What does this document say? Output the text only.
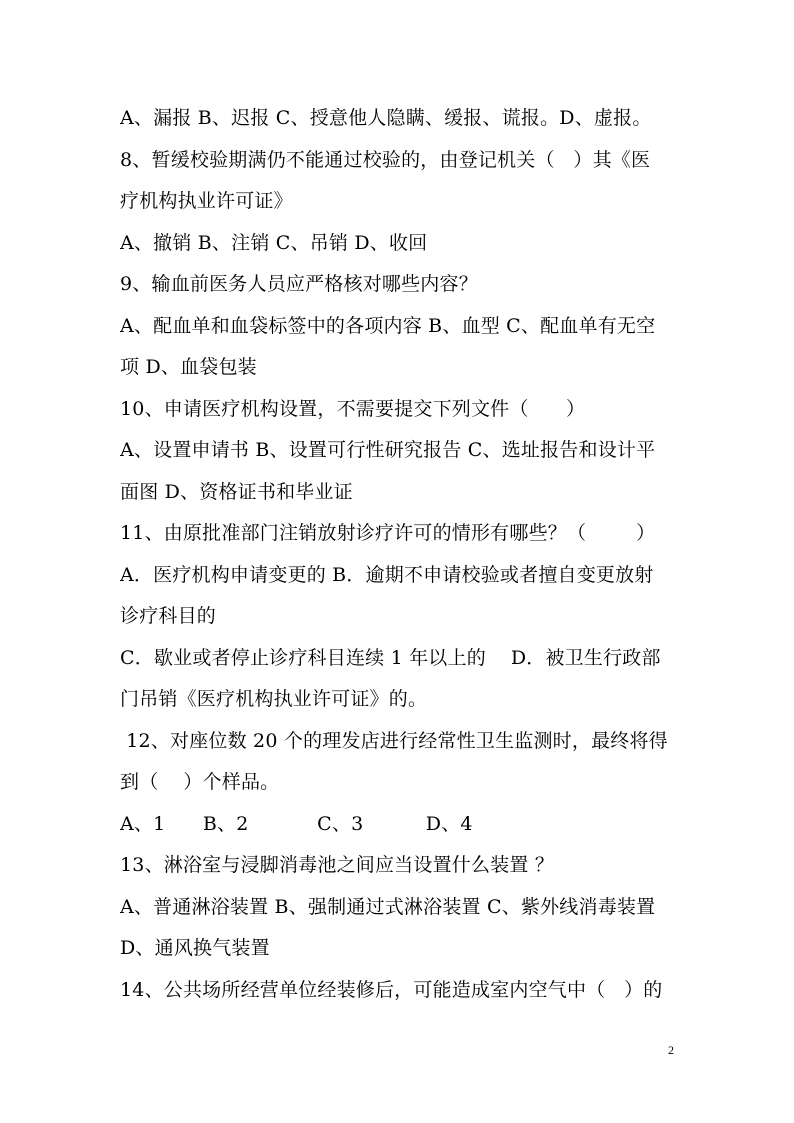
A、漏报 B、迟报 C、授意他人隐瞒、缓报、谎报。D、虚报。
8、暂缓校验期满仍不能通过校验的，由登记机关（   ）其《医
疗机构执业许可证》
A、撤销 B、注销 C、吊销 D、收回
9、输血前医务人员应严格核对哪些内容？
A、配血单和血袋标签中的各项内容 B、血型 C、配血单有无空
项 D、血袋包装
10、申请医疗机构设置，不需要提交下列文件（      ）
A、设置申请书 B、设置可行性研究报告 C、选址报告和设计平
面图 D、资格证书和毕业证
11、由原批准部门注销放射诊疗许可的情形有哪些？（        ）
A．医疗机构申请变更的 B．逾期不申请校验或者擅自变更放射
诊疗科目的
C．歇业或者停止诊疗科目连续 1 年以上的    D．被卫生行政部
门吊销《医疗机构执业许可证》的。
12、对座位数 20 个的理发店进行经常性卫生监测时，最终将得
到（    ）个样品。
A、1      B、2           C、3          D、4
13、淋浴室与浸脚消毒池之间应当设置什么装置 ？
A、普通淋浴装置 B、强制通过式淋浴装置 C、紫外线消毒装置
D、通风换气装置
14、公共场所经营单位经装修后，可能造成室内空气中（   ）的
2
